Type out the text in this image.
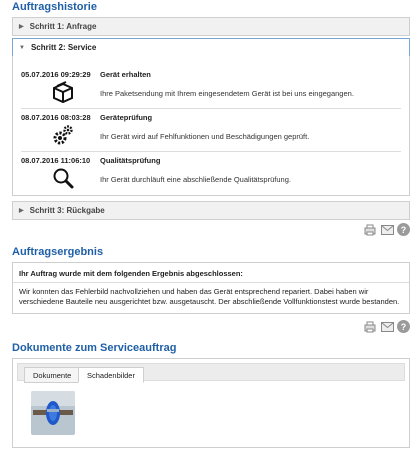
Auftragshistorie
▶ Schritt 1: Anfrage
▼ Schritt 2: Service
05.07.2016 09:29:29 Gerät erhalten
Ihre Paketsendung mit Ihrem eingesendetem Gerät ist bei uns eingegangen.
08.07.2016 08:03:28 Geräteprüfung
Ihr Gerät wird auf Fehlfunktionen und Beschädigungen geprüft.
08.07.2016 11:06:10 Qualitätsprüfung
Ihr Gerät durchläuft eine abschließende Qualitätsprüfung.
▶ Schritt 3: Rückgabe
?
Auftragsergebnis
Ihr Auftrag wurde mit dem folgenden Ergebnis abgeschlossen:
Wir konnten das Fehlerbild nachvollziehen und haben das Gerät entsprechend repariert. Dabei haben wir verschiedene Bauteile neu ausgerichtet bzw. ausgetauscht. Der abschließende Vollfunktionstest wurde bestanden.
?
Dokumente zum Serviceauftrag
Dokumente	Schadenbilder
